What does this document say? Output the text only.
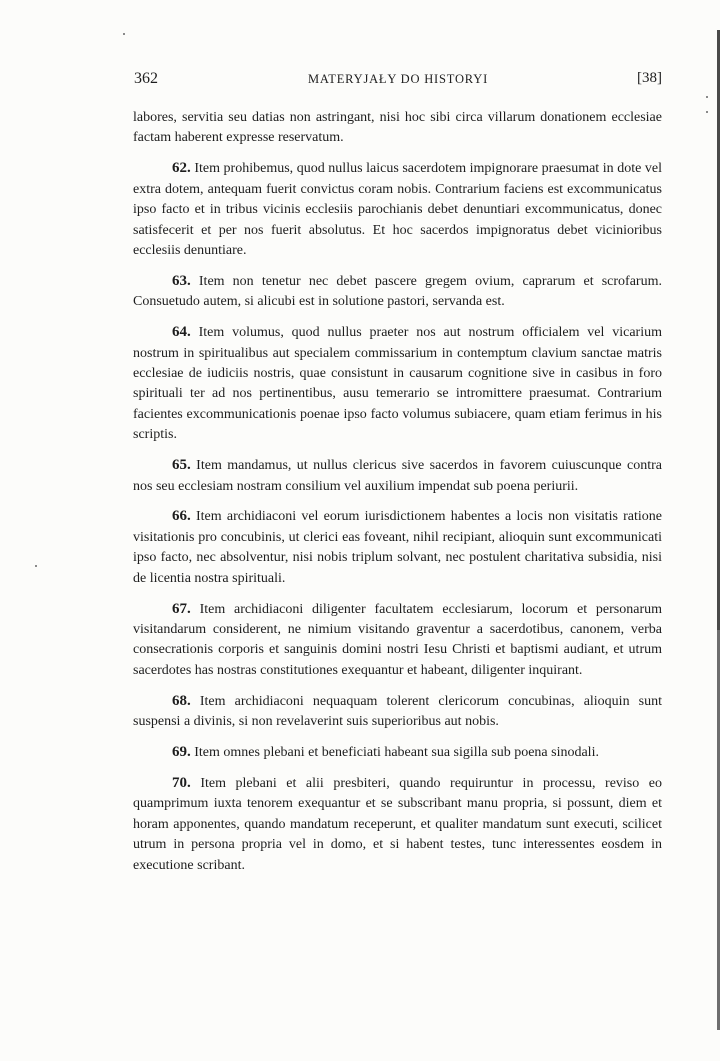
362	MATERYJAŁY DO HISTORYI	[38]

labores, servitia seu datias non astringant, nisi hoc sibi circa villarum donationem ecclesiae factam haberent expresse reservatum.

62. Item prohibemus, quod nullus laicus sacerdotem impignorare praesumat in dote vel extra dotem, antequam fuerit convictus coram nobis. Contrarium faciens est excommunicatus ipso facto et in tribus vicinis ecclesiis parochianis debet denuntiari excommunicatus, donec satisfecerit et per nos fuerit absolutus. Et hoc sacerdos impignoratus debet vicinioribus ecclesiis denuntiare.

63. Item non tenetur nec debet pascere gregem ovium, caprarum et scrofarum. Consuetudo autem, si alicubi est in solutione pastori, servanda est.

64. Item volumus, quod nullus praeter nos aut nostrum officialem vel vicarium nostrum in spiritualibus aut specialem commissarium in contemptum clavium sanctae matris ecclesiae de iudiciis nostris, quae consistunt in causarum cognitione sive in casibus in foro spirituali ter ad nos pertinentibus, ausu temerario se intromittere praesumat. Contrarium facientes excommunicationis poenae ipso facto volumus subiacere, quam etiam ferimus in his scriptis.

65. Item mandamus, ut nullus clericus sive sacerdos in favorem cuiuscunque contra nos seu ecclesiam nostram consilium vel auxilium impendat sub poena periurii.

66. Item archidiaconi vel eorum iurisdictionem habentes a locis non visitatis ratione visitationis pro concubinis, ut clerici eas foveant, nihil recipiant, alioquin sunt excommunicati ipso facto, nec absolventur, nisi nobis triplum solvant, nec postulent charitativa subsidia, nisi de licentia nostra spirituali.

67. Item archidiaconi diligenter facultatem ecclesiarum, locorum et personarum visitandarum considerent, ne nimium visitando graventur a sacerdotibus, canonem, verba consecrationis corporis et sanguinis domini nostri Iesu Christi et baptismi audiant, et utrum sacerdotes has nostras constitutiones exequantur et habeant, diligenter inquirant.

68. Item archidiaconi nequaquam tolerent clericorum concubinas, alioquin sunt suspensi a divinis, si non revelaverint suis superioribus aut nobis.

69. Item omnes plebani et beneficiati habeant sua sigilla sub poena sinodali.

70. Item plebani et alii presbiteri, quando requiruntur in processu, reviso eo quamprimum iuxta tenorem exequantur et se subscribant manu propria, si possunt, diem et horam apponentes, quando mandatum receperunt, et qualiter mandatum sunt executi, scilicet utrum in persona propria vel in domo, et si habent testes, tunc interessentes eosdem in executione scribant.
